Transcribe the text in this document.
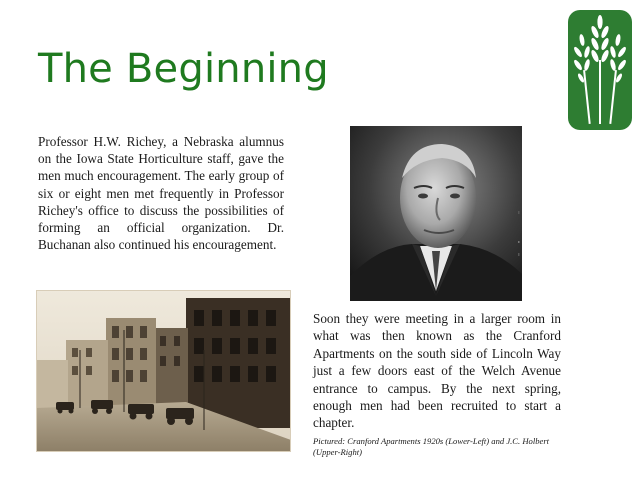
The Beginning

Professor H.W. Richey, a Nebraska alumnus on the Iowa State Horticulture staff, gave the men much encouragement. The early group of six or eight men met frequently in Professor Richey's office to discuss the possibilities of forming an official organization. Dr. Buchanan also continued his encouragement.

Soon they were meeting in a larger room in what was then known as the Cranford Apartments on the south side of Lincoln Way just a few doors east of the Welch Avenue entrance to campus. By the next spring, enough men had been recruited to start a chapter.

Pictured: Cranford Apartments 1920s (Lower-Left) and J.C. Holbert (Upper-Right)
